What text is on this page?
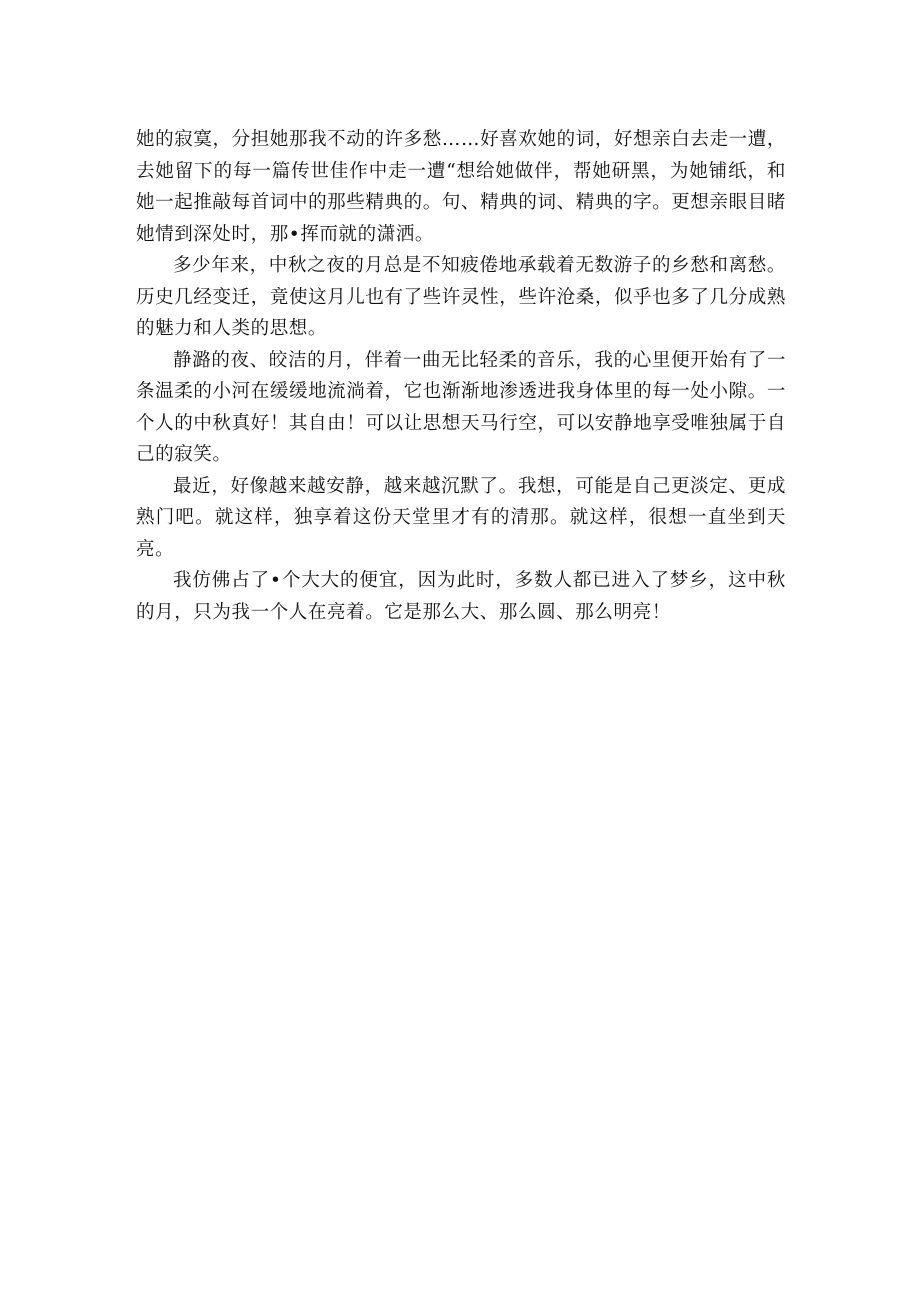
她的寂寞，分担她那我不动的许多愁……好喜欢她的词，好想亲白去走一遭，去她留下的每一篇传世佳作中走一遭“想给她做伴，帮她研黑，为她铺纸，和她一起推敲每首词中的那些精典的。句、精典的词、精典的字。更想亲眼目睹她情到深处时，那•挥而就的潇洒。

多少年来，中秋之夜的月总是不知疲倦地承载着无数游子的乡愁和离愁。历史几经变迁，竟使这月儿也有了些许灵性，些许沧桑，似乎也多了几分成熟的魅力和人类的思想。

静潞的夜、皎洁的月，伴着一曲无比轻柔的音乐，我的心里便开始有了一条温柔的小河在缓缓地流淌着，它也渐渐地渗透进我身体里的每一处小隙。一个人的中秋真好！其自由！可以让思想天马行空，可以安静地享受唯独属于自己的寂笑。

最近，好像越来越安静，越来越沉默了。我想，可能是自己更淡定、更成熟门吧。就这样，独享着这份天堂里才有的清那。就这样，很想一直坐到天亮。

我仿佛占了•个大大的便宜，因为此时，多数人都已进入了梦乡，这中秋的月，只为我一个人在亮着。它是那么大、那么圆、那么明亮！
